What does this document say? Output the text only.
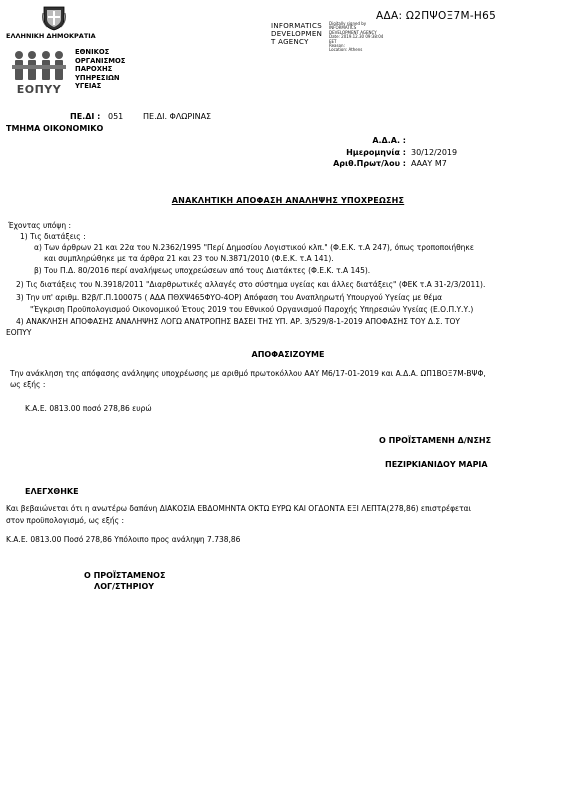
ΑΔΑ: Ω2ΠΨΟΞ7Μ-Η65
ΕΛΛΗΝΙΚΗ ΔΗΜΟΚΡΑΤΙΑ
ΕΟΠΥΥ
ΕΘΝΙΚΟΣ
ΟΡΓΑΝΙΣΜΟΣ
ΠΑΡΟΧΗΣ
ΥΠΗΡΕΣΙΩΝ
ΥΓΕΙΑΣ
INFORMATICS
DEVELOPMEN
T AGENCY
Digitally signed by
INFORMATICS
DEVELOPMENT AGENCY
Date: 2019.12.30 09:38:04
EET
Reason:
Location: Athens
ΠΕ.ΔΙ : 051 ΠΕ.ΔΙ. ΦΛΩΡΙΝΑΣ
ΤΜΗΜΑ ΟΙΚΟΝΟΜΙΚΟ
Α.Δ.Α. :
Ημερομηνία : 30/12/2019
Αριθ.Πρωτ/λου : ΑΑΑΥ Μ7
ΑΝΑΚΛΗΤΙΚΗ ΑΠΟΦΑΣΗ ΑΝΑΛΗΨΗΣ ΥΠΟΧΡΕΩΣΗΣ
Έχοντας υπόψη :
1) Τις διατάξεις :
α) Των άρθρων 21 και 22α του Ν.2362/1995 "Περί Δημοσίου Λογιστικού κλπ." (Φ.Ε.Κ. τ.Α 247), όπως τροποποιήθηκε
και συμπληρώθηκε με τα άρθρα 21 και 23 του Ν.3871/2010 (Φ.Ε.Κ. τ.Α 141).
β) Του Π.Δ. 80/2016 περί αναλήψεως υποχρεώσεων από τους Διατάκτες (Φ.Ε.Κ. τ.Α 145).
2) Τις διατάξεις του Ν.3918/2011 "Διαρθρωτικές αλλαγές στο σύστημα υγείας και άλλες διατάξεις" (ΦΕΚ τ.Α 31-2/3/2011).
3) Την υπ' αριθμ. Β2β/Γ.Π.100075 ( ΑΔΑ ΠΘΧΨ465ΦΥΟ-4ΟΡ) Απόφαση του Αναπληρωτή Υπουργού Υγείας με θέμα
"Έγκριση Προϋπολογισμού Οικονομικού Έτους 2019 του Εθνικού Οργανισμού Παροχής Υπηρεσιών Υγείας (Ε.Ο.Π.Υ.Υ.)
4) ΑΝΑΚΛΗΣΗ ΑΠΟΦΑΣΗΣ ΑΝΑΛΗΨΗΣ ΛΟΓΩ ΑΝΑΤΡΟΠΗΣ ΒΑΣΕΙ ΤΗΣ ΥΠ. ΑΡ. 3/529/8-1-2019 ΑΠΟΦΑΣΗΣ ΤΟΥ Δ.Σ. ΤΟΥ
ΕΟΠΥΥ
ΑΠΟΦΑΣΙΖΟΥΜΕ
Την ανάκληση της απόφασης ανάληψης υποχρέωσης με αριθμό πρωτοκόλλου ΑΑΥ Μ6/17-01-2019 και Α.Δ.Α. ΩΠ1ΒΟΞ7Μ-ΒΨΦ,
ως εξής :
Κ.Α.Ε. 0813.00 ποσό 278,86 ευρώ
Ο ΠΡΟΪΣΤΑΜΕΝΗ Δ/ΝΣΗΣ
ΠΕΖΙΡΚΙΑΝΙΔΟΥ ΜΑΡΙΑ
ΕΛΕΓΧΘΗΚΕ
Και βεβαιώνεται ότι η ανωτέρω δαπάνη ΔΙΑΚΟΣΙΑ ΕΒΔΟΜΗΝΤΑ ΟΚΤΩ ΕΥΡΩ ΚΑΙ ΟΓΔΟΝΤΑ ΕΞΙ ΛΕΠΤΑ(278,86) επιστρέφεται
στον προϋπολογισμό, ως εξής :
Κ.Α.Ε. 0813.00 Ποσό 278,86 Υπόλοιπο προς ανάληψη 7.738,86
Ο ΠΡΟΪΣΤΑΜΕΝΟΣ
ΛΟΓ/ΣΤΗΡΙΟΥ
